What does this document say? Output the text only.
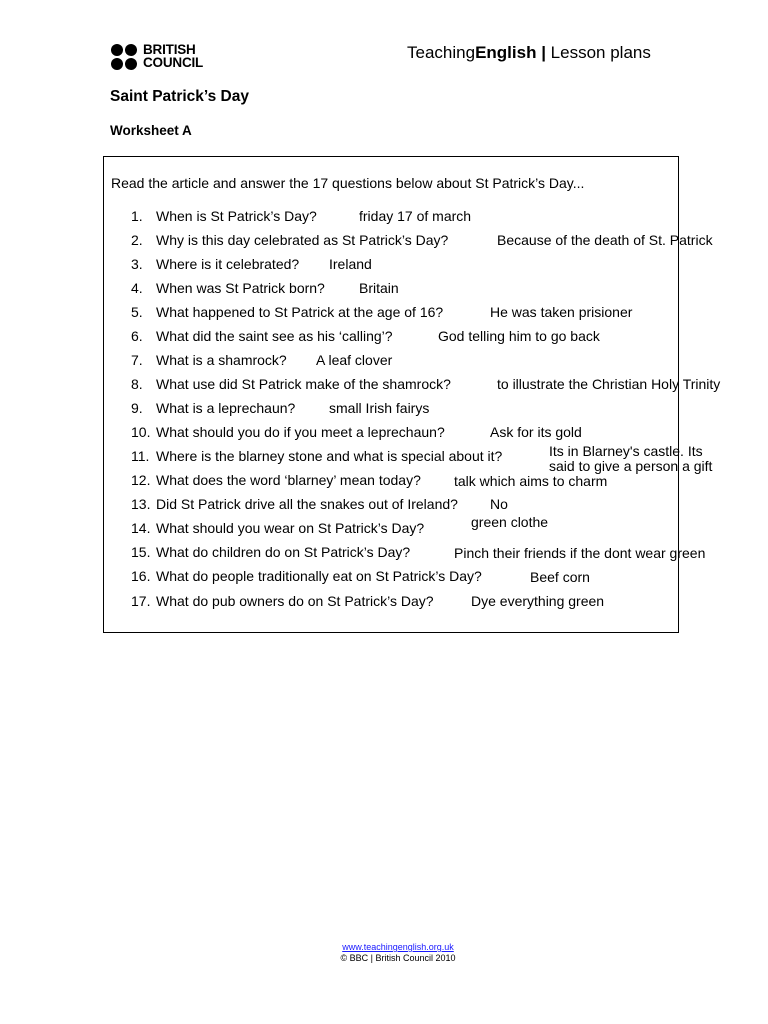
BRITISH
COUNCIL
TeachingEnglish | Lesson plans
Saint Patrick’s Day
Worksheet A
Read the article and answer the 17 questions below about St Patrick’s Day...
1. When is St Patrick’s Day?
2. Why is this day celebrated as St Patrick’s Day?
3. Where is it celebrated?
4. When was St Patrick born?
5. What happened to St Patrick at the age of 16?
6. What did the saint see as his ‘calling’?
7. What is a shamrock?
8. What use did St Patrick make of the shamrock?
9. What is a leprechaun?
10. What should you do if you meet a leprechaun?
11. Where is the blarney stone and what is special about it?
12. What does the word ‘blarney’ mean today?
13. Did St Patrick drive all the snakes out of Ireland?
14. What should you wear on St Patrick’s Day?
15. What do children do on St Patrick’s Day?
16. What do people traditionally eat on St Patrick’s Day?
17. What do pub owners do on St Patrick’s Day?
friday 17 of march
Because of the death of St. Patrick
Ireland
Britain
He was taken prisioner
God telling him to go back
A leaf clover
to illustrate the Christian Holy Trinity
small Irish fairys
Ask for its gold
Its in Blarney's castle. Its
said to give a person a gift
talk which aims to charm
No
green clothe
Pinch their friends if the dont wear green
Beef corn
Dye everything green
www.teachingenglish.org.uk
© BBC | British Council 2010
